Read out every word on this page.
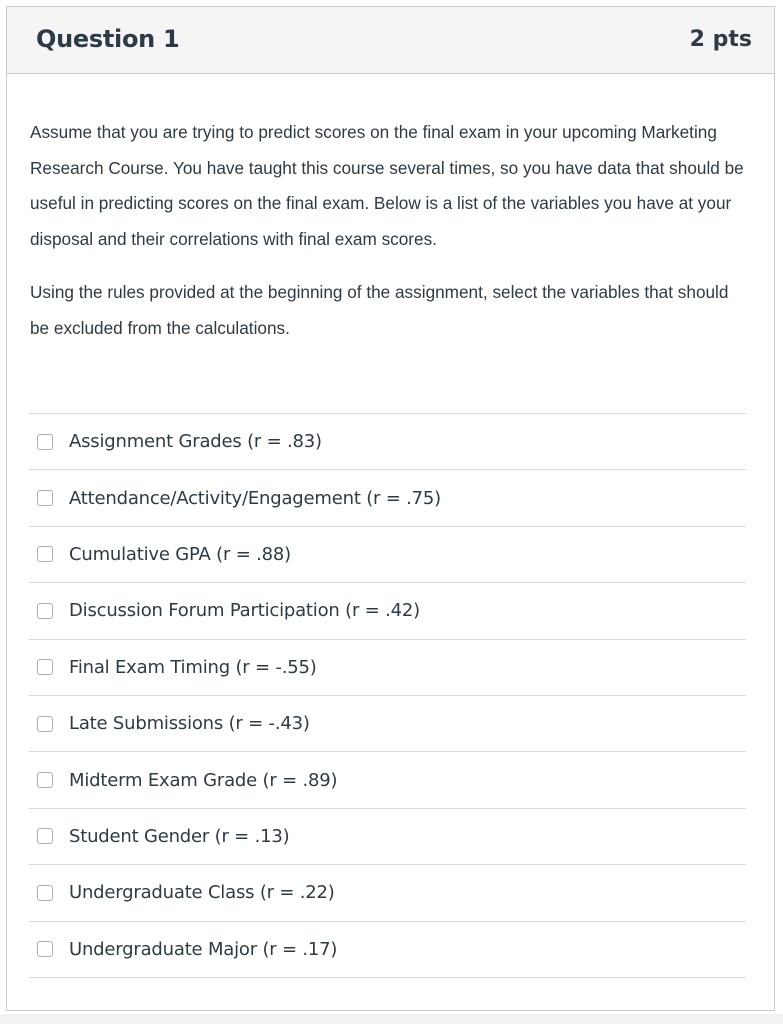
Question 1	2 pts

Assume that you are trying to predict scores on the final exam in your upcoming Marketing Research Course. You have taught this course several times, so you have data that should be useful in predicting scores on the final exam. Below is a list of the variables you have at your disposal and their correlations with final exam scores.

Using the rules provided at the beginning of the assignment, select the variables that should be excluded from the calculations.

Assignment Grades (r = .83)
Attendance/Activity/Engagement (r = .75)
Cumulative GPA (r = .88)
Discussion Forum Participation (r = .42)
Final Exam Timing (r = -.55)
Late Submissions (r = -.43)
Midterm Exam Grade (r = .89)
Student Gender (r = .13)
Undergraduate Class (r = .22)
Undergraduate Major (r = .17)
